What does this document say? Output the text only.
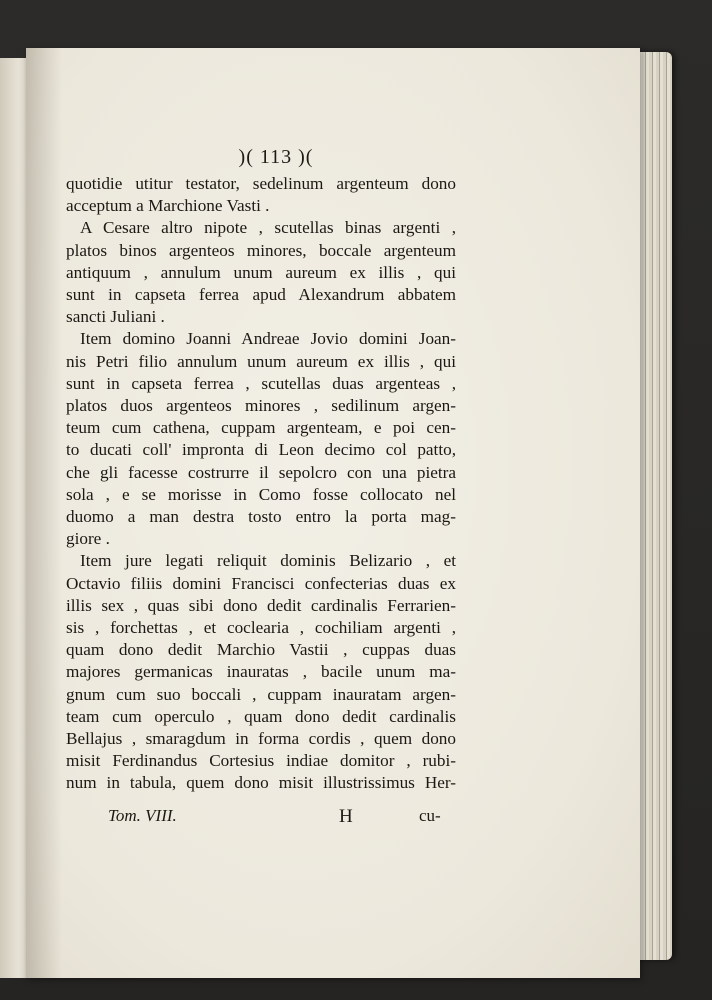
)( 113 )(

quotidie utitur testator, sedelinum argenteum dono
acceptum a Marchione Vasti .

A Cesare altro nipote , scutellas binas argenti ,
platos binos argenteos minores, boccale argenteum
antiquum , annulum unum aureum ex illis , qui
sunt in capseta ferrea apud Alexandrum abbatem
sancti Juliani .

Item domino Joanni Andreae Jovio domini Joan-
nis Petri filio annulum unum aureum ex illis , qui
sunt in capseta ferrea , scutellas duas argenteas ,
platos duos argenteos minores , sedilinum argen-
teum cum cathena, cuppam argenteam, e poi cen-
to ducati coll' impronta di Leon decimo col patto,
che gli facesse costrurre il sepolcro con una pietra
sola , e se morisse in Como fosse collocato nel
duomo a man destra tosto entro la porta mag-
giore .

Item jure legati reliquit dominis Belizario , et
Octavio filiis domini Francisci confecterias duas ex
illis sex , quas sibi dono dedit cardinalis Ferrarien-
sis , forchettas , et coclearia , cochiliam argenti ,
quam dono dedit Marchio Vastii , cuppas duas
majores germanicas inauratas , bacile unum ma-
gnum cum suo boccali , cuppam inauratam argen-
team cum operculo , quam dono dedit cardinalis
Bellajus , smaragdum in forma cordis , quem dono
misit Ferdinandus Cortesius indiae domitor , rubi-
num in tabula, quem dono misit illustrissimus Her-

Tom. VIII.	H	cu-
